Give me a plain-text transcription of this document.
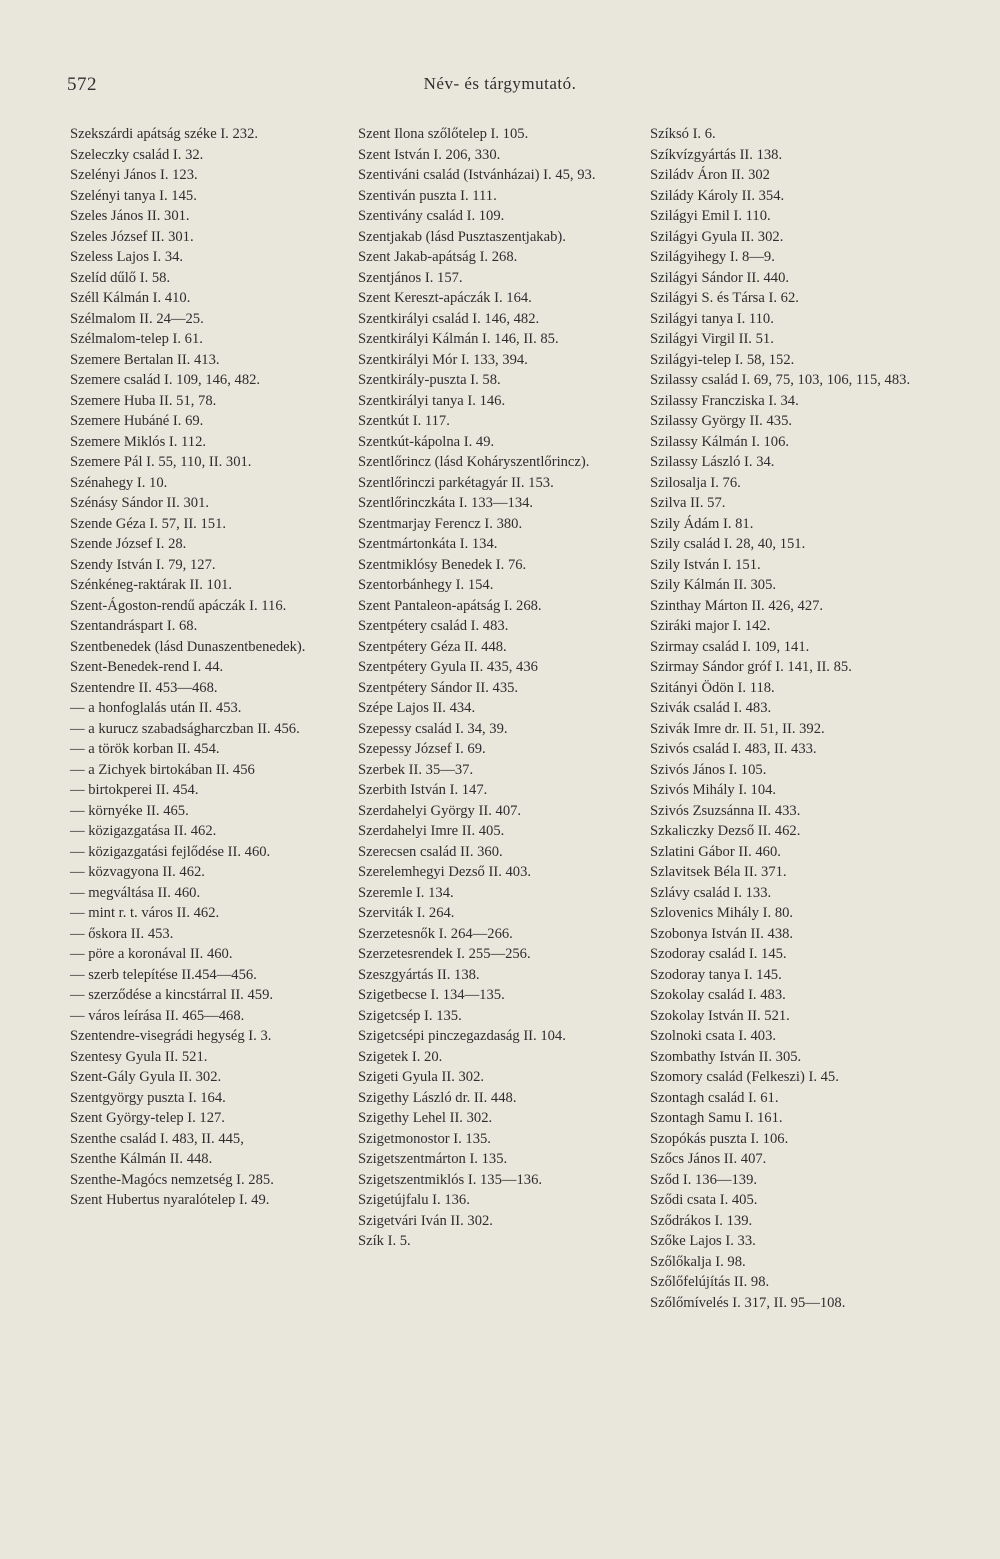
572	Név- és tárgymutató.

Szekszárdi apátság széke I. 232.

Szeleczky család I. 32.

Szelényi János I. 123.

Szelényi tanya I. 145.

Szeles János II. 301.

Szeles József II. 301.

Szeless Lajos I. 34.

Szelíd dűlő I. 58.

Széll Kálmán I. 410.

Szélmalom II. 24—25.

Szélmalom-telep I. 61.

Szemere Bertalan II. 413.

Szemere család I. 109, 146, 482.

Szemere Huba II. 51, 78.

Szemere Hubáné I. 69.

Szemere Miklós I. 112.

Szemere Pál I. 55, 110, II. 301.

Szénahegy I. 10.

Szénásy Sándor II. 301.

Szende Géza I. 57, II. 151.

Szende József I. 28.

Szendy István I. 79, 127.

Szénkéneg-raktárak II. 101.

Szent-Ágoston-rendű apáczák I. 116.

Szentandráspart I. 68.

Szentbenedek (lásd Dunaszentbenedek).

Szent-Benedek-rend I. 44.

Szentendre II. 453—468.

— a honfoglalás után II. 453.

— a kurucz szabadságharczban II. 456.

— a török korban II. 454.

— a Zichyek birtokában II. 456

— birtokperei II. 454.

— környéke II. 465.

— közigazgatása II. 462.

— közigazgatási fejlődése II. 460.

— közvagyona II. 462.

— megváltása II. 460.

— mint r. t. város II. 462.

— őskora II. 453.

— pöre a koronával II. 460.

— szerb telepítése II.454—456.

— szerződése a kincstárral II. 459.

— város leírása II. 465—468.

Szentendre-visegrádi hegység I. 3.

Szentesy Gyula II. 521.

Szent-Gály Gyula II. 302.

Szentgyörgy puszta I. 164.

Szent György-telep I. 127.

Szenthe család I. 483, II. 445,

Szenthe Kálmán II. 448.

Szenthe-Magócs nemzetség I. 285.

Szent Hubertus nyaralótelep I. 49.

Szent Ilona szőlőtelep I. 105.

Szent István I. 206, 330.

Szentiváni család (Istvánházai) I. 45, 93.

Szentiván puszta I. 111.

Szentivány család I. 109.

Szentjakab (lásd Pusztaszentjakab).

Szent Jakab-apátság I. 268.

Szentjános I. 157.

Szent Kereszt-apáczák I. 164.

Szentkirályi család I. 146, 482.

Szentkirályi Kálmán I. 146, II. 85.

Szentkirályi Mór I. 133, 394.

Szentkirály-puszta I. 58.

Szentkirályi tanya I. 146.

Szentkút I. 117.

Szentkút-kápolna I. 49.

Szentlőrincz (lásd Koháryszentlőrincz).

Szentlőrinczi parkétagyár II. 153.

Szentlőrinczkáta I. 133—134.

Szentmarjay Ferencz I. 380.

Szentmártonkáta I. 134.

Szentmiklósy Benedek I. 76.

Szentorbánhegy I. 154.

Szent Pantaleon-apátság I. 268.

Szentpétery család I. 483.

Szentpétery Géza II. 448.

Szentpétery Gyula II. 435, 436

Szentpétery Sándor II. 435.

Szépe Lajos II. 434.

Szepessy család I. 34, 39.

Szepessy József I. 69.

Szerbek II. 35—37.

Szerbith István I. 147.

Szerdahelyi György II. 407.

Szerdahelyi Imre II. 405.

Szerecsen család II. 360.

Szerelemhegyi Dezső II. 403.

Szeremle I. 134.

Szerviták I. 264.

Szerzetesnők I. 264—266.

Szerzetesrendek I. 255—256.

Szeszgyártás II. 138.

Szigetbecse I. 134—135.

Szigetcsép I. 135.

Szigetcsépi pinczegazdaság II. 104.

Szigetek I. 20.

Szigeti Gyula II. 302.

Szigethy László dr. II. 448.

Szigethy Lehel II. 302.

Szigetmonostor I. 135.

Szigetszentmárton I. 135.

Szigetszentmiklós I. 135—136.

Szigetújfalu I. 136.

Szigetvári Iván II. 302.

Szík I. 5.

Szíksó I. 6.

Szíkvízgyártás II. 138.

Sziládv Áron II. 302

Szilády Károly II. 354.

Szilágyi Emil I. 110.

Szilágyi Gyula II. 302.

Szilágyihegy I. 8—9.

Szilágyi Sándor II. 440.

Szilágyi S. és Társa I. 62.

Szilágyi tanya I. 110.

Szilágyi Virgil II. 51.

Szilágyi-telep I. 58, 152.

Szilassy család I. 69, 75, 103, 106, 115, 483.

Szilassy Francziska I. 34.

Szilassy György II. 435.

Szilassy Kálmán I. 106.

Szilassy László I. 34.

Szilosalja I. 76.

Szilva II. 57.

Szily Ádám I. 81.

Szily család I. 28, 40, 151.

Szily István I. 151.

Szily Kálmán II. 305.

Szinthay Márton II. 426, 427.

Sziráki major I. 142.

Szirmay család I. 109, 141.

Szirmay Sándor gróf I. 141, II. 85.

Szitányi Ödön I. 118.

Szivák család I. 483.

Szivák Imre dr. II. 51, II. 392.

Szivós család I. 483, II. 433.

Szivós János I. 105.

Szivós Mihály I. 104.

Szivós Zsuzsánna II. 433.

Szkaliczky Dezső II. 462.

Szlatini Gábor II. 460.

Szlavitsek Béla II. 371.

Szlávy család I. 133.

Szlovenics Mihály I. 80.

Szobonya István II. 438.

Szodoray család I. 145.

Szodoray tanya I. 145.

Szokolay család I. 483.

Szokolay István II. 521.

Szolnoki csata I. 403.

Szombathy István II. 305.

Szomory család (Felkeszi) I. 45.

Szontagh család I. 61.

Szontagh Samu I. 161.

Szopókás puszta I. 106.

Szőcs János II. 407.

Sződ I. 136—139.

Sződi csata I. 405.

Sződrákos I. 139.

Szőke Lajos I. 33.

Szőlőkalja I. 98.

Szőlőfelújítás II. 98.

Szőlőmívelés I. 317, II. 95—108.
